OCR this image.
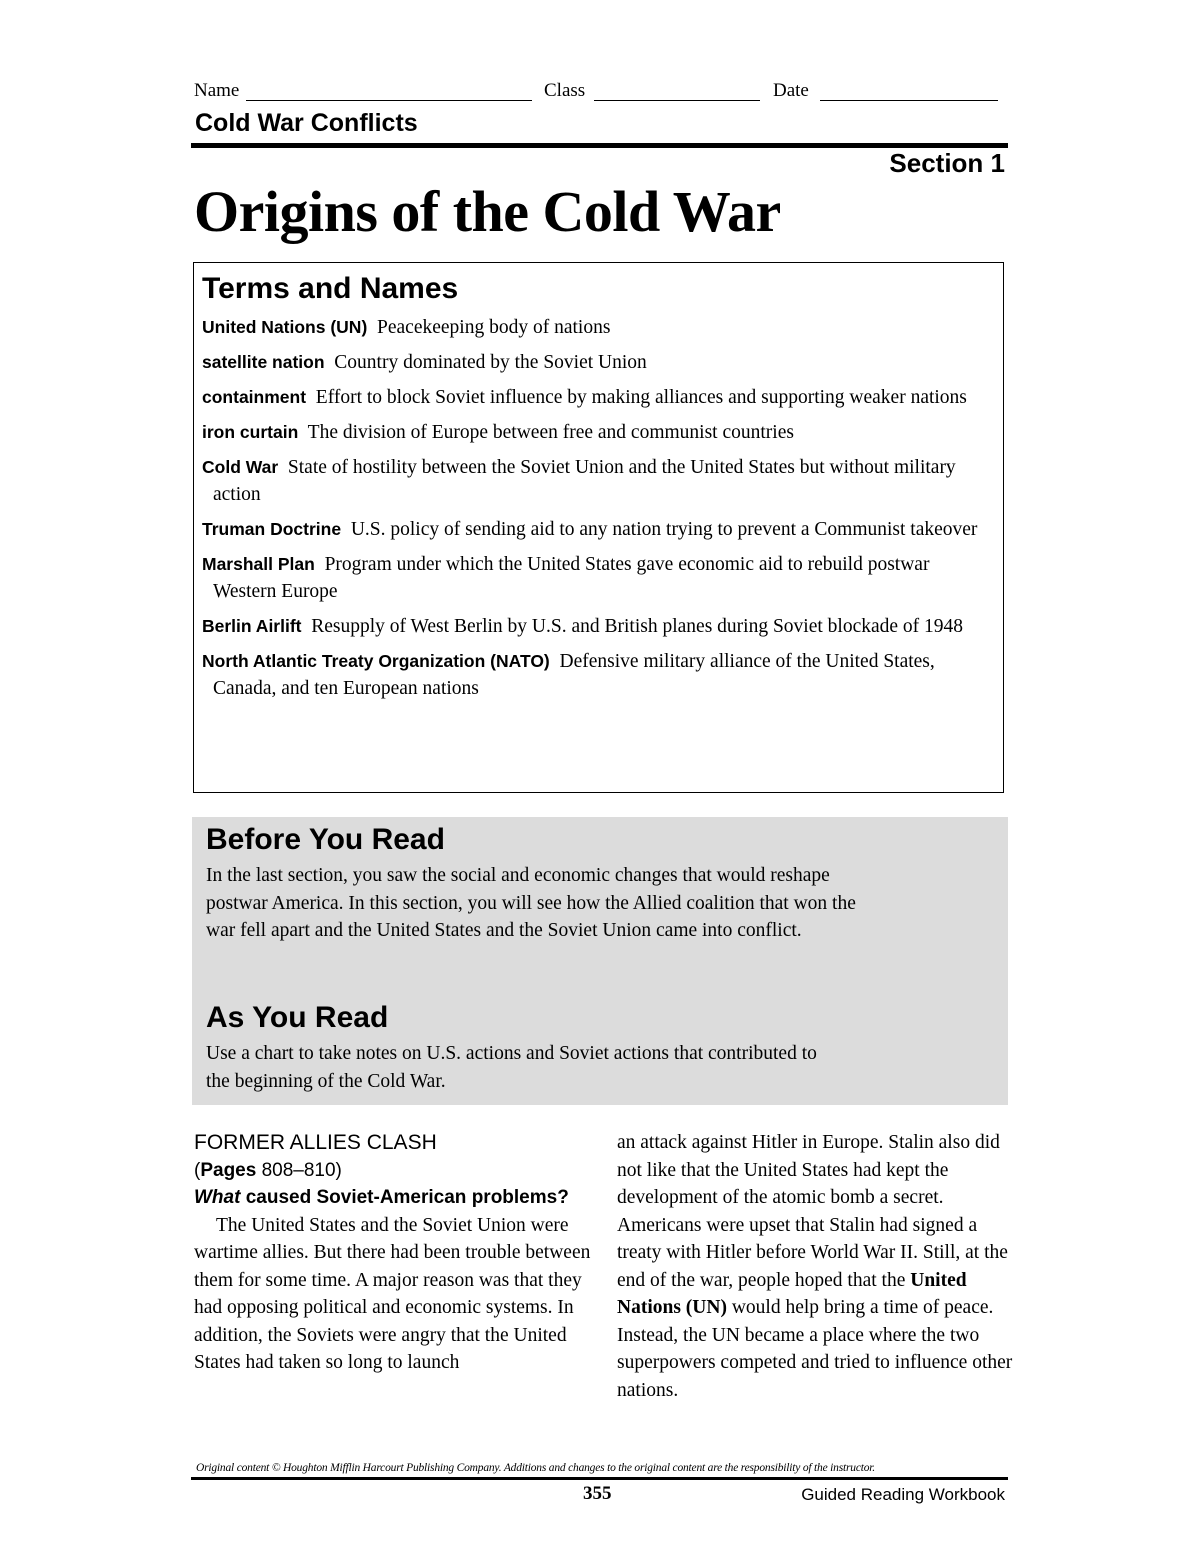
Name	Class	Date
Cold War Conflicts
Section 1
Origins of the Cold War
Terms and Names
United Nations (UN) Peacekeeping body of nations
satellite nation Country dominated by the Soviet Union
containment Effort to block Soviet influence by making alliances and supporting weaker nations
iron curtain The division of Europe between free and communist countries
Cold War State of hostility between the Soviet Union and the United States but without military action
Truman Doctrine U.S. policy of sending aid to any nation trying to prevent a Communist takeover
Marshall Plan Program under which the United States gave economic aid to rebuild postwar Western Europe
Berlin Airlift Resupply of West Berlin by U.S. and British planes during Soviet blockade of 1948
North Atlantic Treaty Organization (NATO) Defensive military alliance of the United States, Canada, and ten European nations
Before You Read
In the last section, you saw the social and economic changes that would reshape postwar America. In this section, you will see how the Allied coalition that won the war fell apart and the United States and the Soviet Union came into conflict.
As You Read
Use a chart to take notes on U.S. actions and Soviet actions that contributed to the beginning of the Cold War.
FORMER ALLIES CLASH
(Pages 808–810)
What caused Soviet-American problems?
The United States and the Soviet Union were wartime allies. But there had been trouble between them for some time. A major reason was that they had opposing political and economic systems. In addition, the Soviets were angry that the United States had taken so long to launch
an attack against Hitler in Europe. Stalin also did not like that the United States had kept the development of the atomic bomb a secret. Americans were upset that Stalin had signed a treaty with Hitler before World War II. Still, at the end of the war, people hoped that the United Nations (UN) would help bring a time of peace. Instead, the UN became a place where the two superpowers competed and tried to influence other nations.
Original content © Houghton Mifflin Harcourt Publishing Company. Additions and changes to the original content are the responsibility of the instructor.
355	Guided Reading Workbook
